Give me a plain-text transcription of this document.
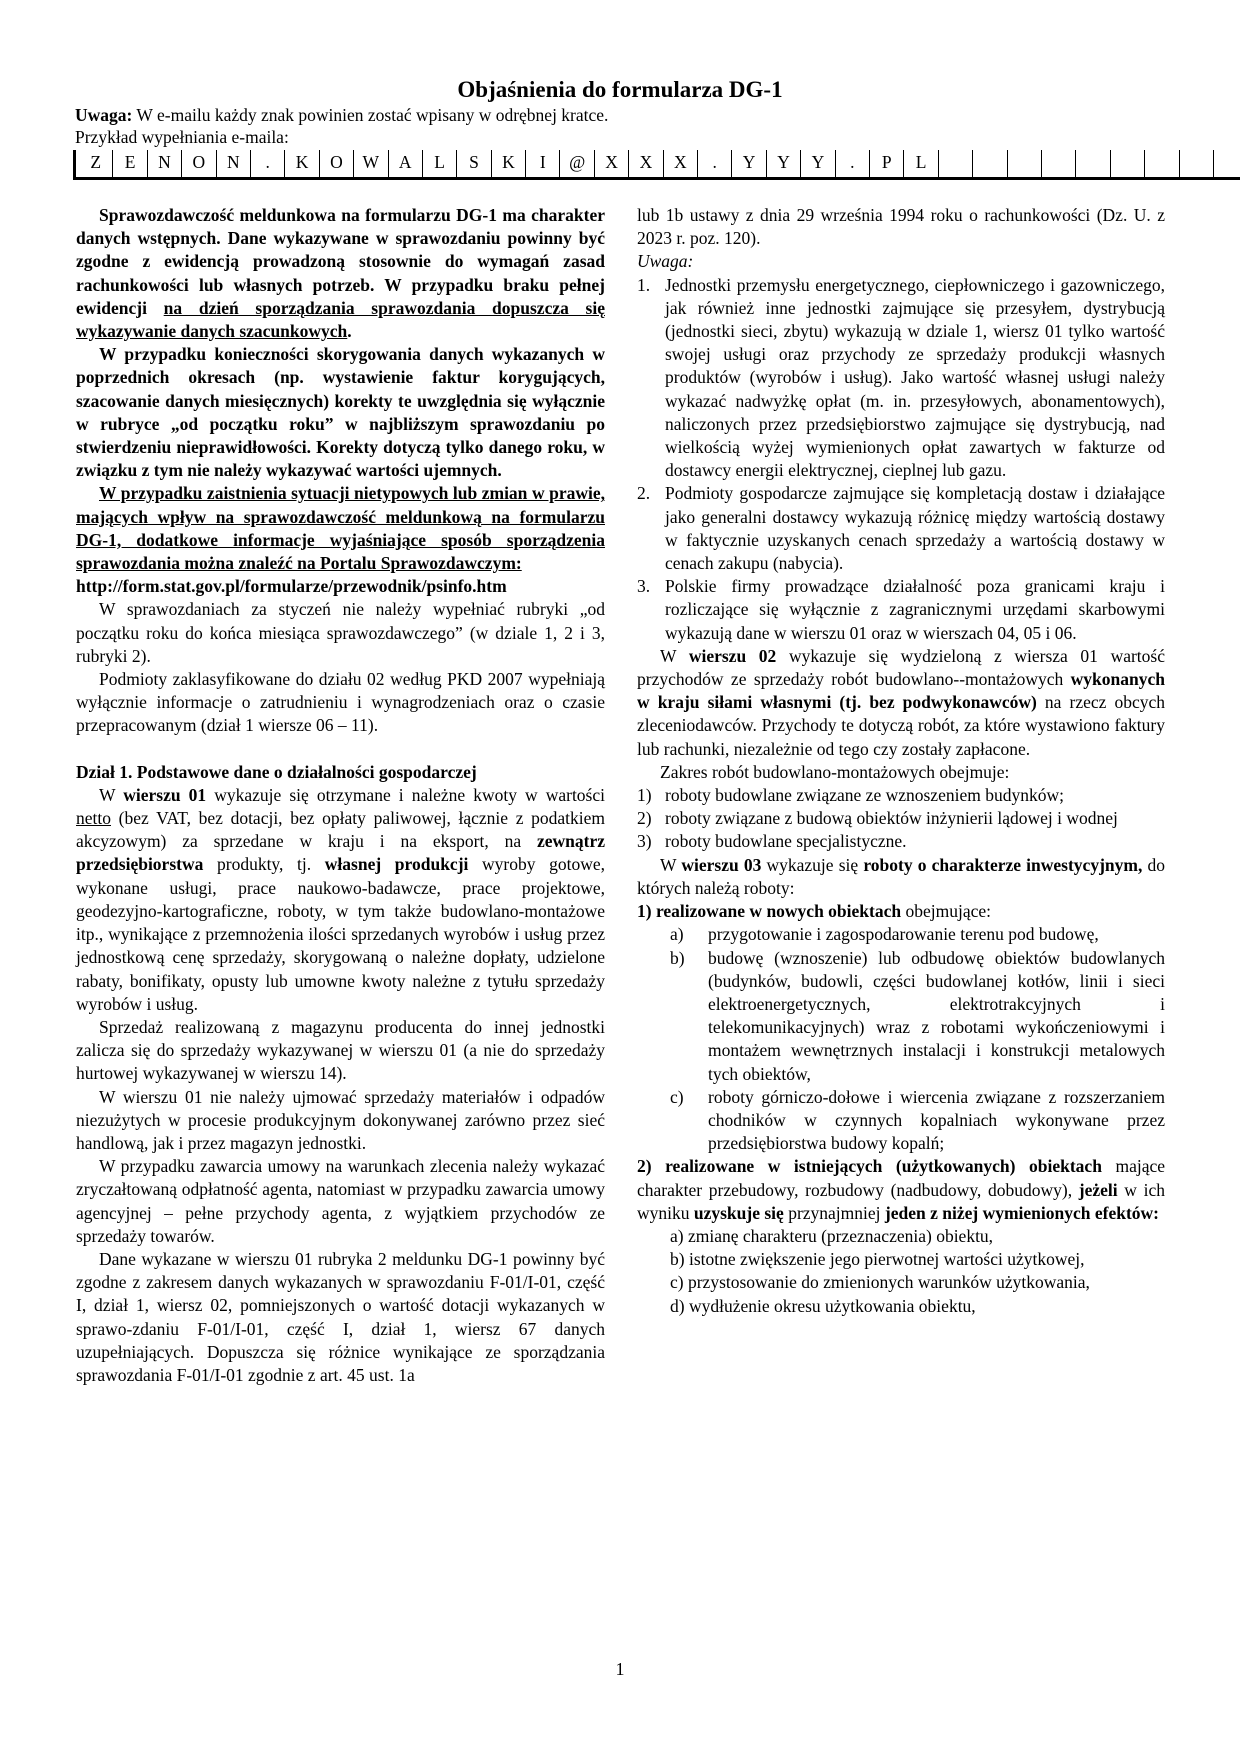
Objaśnienia do formularza DG-1
Uwaga: W e-mailu każdy znak powinien zostać wpisany w odrębnej kratce.
Przykład wypełniania e-maila:
Z	E	N	O	N	.	K	O	W	A	L	S	K	I	@	X	X	X	.	Y	Y	Y	.	P	L

Sprawozdawczość meldunkowa na formularzu DG-1 ma charakter danych wstępnych. Dane wykazywane w sprawozdaniu powinny być zgodne z ewidencją prowadzoną stosownie do wymagań zasad rachunkowości lub własnych potrzeb. W przypadku braku pełnej ewidencji na dzień sporządzania sprawozdania dopuszcza się wykazywanie danych szacunkowych.

W przypadku konieczności skorygowania danych wykazanych w poprzednich okresach (np. wystawienie faktur korygujących, szacowanie danych miesięcznych) korekty te uwzględnia się wyłącznie w rubryce „od początku roku” w najbliższym sprawozdaniu po stwierdzeniu nieprawidłowości. Korekty dotyczą tylko danego roku, w związku z tym nie należy wykazywać wartości ujemnych.

W przypadku zaistnienia sytuacji nietypowych lub zmian w prawie, mających wpływ na sprawozdawczość meldunkową na formularzu DG-1, dodatkowe informacje wyjaśniające sposób sporządzenia sprawozdania można znaleźć na Portalu Sprawozdawczym:

http://form.stat.gov.pl/formularze/przewodnik/psinfo.htm

W sprawozdaniach za styczeń nie należy wypełniać rubryki „od początku roku do końca miesiąca sprawozdawczego” (w dziale 1, 2 i 3, rubryki 2).

Podmioty zaklasyfikowane do działu 02 według PKD 2007 wypełniają wyłącznie informacje o zatrudnieniu i wynagrodzeniach oraz o czasie przepracowanym (dział 1 wiersze 06 – 11).

Dział 1. Podstawowe dane o działalności gospodarczej

W wierszu 01 wykazuje się otrzymane i należne kwoty w wartości netto (bez VAT, bez dotacji, bez opłaty paliwowej, łącznie z podatkiem akcyzowym) za sprzedane w kraju i na eksport, na zewnątrz przedsiębiorstwa produkty, tj. własnej produkcji wyroby gotowe, wykonane usługi, prace naukowo-badawcze, prace projektowe, geodezyjno-kartograficzne, roboty, w tym także budowlano-montażowe itp., wynikające z przemnożenia ilości sprzedanych wyrobów i usług przez jednostkową cenę sprzedaży, skorygowaną o należne dopłaty, udzielone rabaty, bonifikaty, opusty lub umowne kwoty należne z tytułu sprzedaży wyrobów i usług.

Sprzedaż realizowaną z magazynu producenta do innej jednostki zalicza się do sprzedaży wykazywanej w wierszu 01 (a nie do sprzedaży hurtowej wykazywanej w wierszu 14).

W wierszu 01 nie należy ujmować sprzedaży materiałów i odpadów niezużytych w procesie produkcyjnym dokonywanej zarówno przez sieć handlową, jak i przez magazyn jednostki.

W przypadku zawarcia umowy na warunkach zlecenia należy wykazać zryczałtowaną odpłatność agenta, natomiast w przypadku zawarcia umowy agencyjnej – pełne przychody agenta, z wyjątkiem przychodów ze sprzedaży towarów.

Dane wykazane w wierszu 01 rubryka 2 meldunku DG-1 powinny być zgodne z zakresem danych wykazanych w sprawozdaniu F-01/I-01, część I, dział 1, wiersz 02, pomniejszonych o wartość dotacji wykazanych w sprawo-zdaniu F-01/I-01, część I, dział 1, wiersz 67 danych uzupełniających. Dopuszcza się różnice wynikające ze sporządzania sprawozdania F-01/I-01 zgodnie z art. 45 ust. 1a

lub 1b ustawy z dnia 29 września 1994 roku o rachunkowości (Dz. U. z 2023 r. poz. 120).

Uwaga:

1. Jednostki przemysłu energetycznego, ciepłowniczego i gazowniczego, jak również inne jednostki zajmujące się przesyłem, dystrybucją (jednostki sieci, zbytu) wykazują w dziale 1, wiersz 01 tylko wartość swojej usługi oraz przychody ze sprzedaży produkcji własnych produktów (wyrobów i usług). Jako wartość własnej usługi należy wykazać nadwyżkę opłat (m. in. przesyłowych, abonamentowych), naliczonych przez przedsiębiorstwo zajmujące się dystrybucją, nad wielkością wyżej wymienionych opłat zawartych w fakturze od dostawcy energii elektrycznej, cieplnej lub gazu.
2. Podmioty gospodarcze zajmujące się kompletacją dostaw i działające jako generalni dostawcy wykazują różnicę między wartością dostawy w faktycznie uzyskanych cenach sprzedaży a wartością dostawy w cenach zakupu (nabycia).
3. Polskie firmy prowadzące działalność poza granicami kraju i rozliczające się wyłącznie z zagranicznymi urzędami skarbowymi wykazują dane w wierszu 01 oraz w wierszach 04, 05 i 06.

W wierszu 02 wykazuje się wydzieloną z wiersza 01 wartość przychodów ze sprzedaży robót budowlano--montażowych wykonanych w kraju siłami własnymi (tj. bez podwykonawców) na rzecz obcych zleceniodawców. Przychody te dotyczą robót, za które wystawiono faktury lub rachunki, niezależnie od tego czy zostały zapłacone.

Zakres robót budowlano-montażowych obejmuje:

1) roboty budowlane związane ze wznoszeniem budynków;
2) roboty związane z budową obiektów inżynierii lądowej i wodnej
3) roboty budowlane specjalistyczne.

W wierszu 03 wykazuje się roboty o charakterze inwestycyjnym, do których należą roboty:

1) realizowane w nowych obiektach obejmujące:

a)	przygotowanie i zagospodarowanie terenu pod budowę,
b)	budowę (wznoszenie) lub odbudowę obiektów budowlanych (budynków, budowli, części budowlanej kotłów, linii i sieci elektroenergetycznych, elektrotrakcyjnych i telekomunikacyjnych) wraz z robotami wykończeniowymi i montażem wewnętrznych instalacji i konstrukcji metalowych tych obiektów,
c)	roboty górniczo-dołowe i wiercenia związane z rozszerzaniem chodników w czynnych kopalniach wykonywane przez przedsiębiorstwa budowy kopalń;

2) realizowane w istniejących (użytkowanych) obiektach mające charakter przebudowy, rozbudowy (nadbudowy, dobudowy), jeżeli w ich wyniku uzyskuje się przynajmniej jeden z niżej wymienionych efektów:

a) zmianę charakteru (przeznaczenia) obiektu,

b) istotne zwiększenie jego pierwotnej wartości użytkowej,

c) przystosowanie do zmienionych warunków użytkowania,

d) wydłużenie okresu użytkowania obiektu,

1
